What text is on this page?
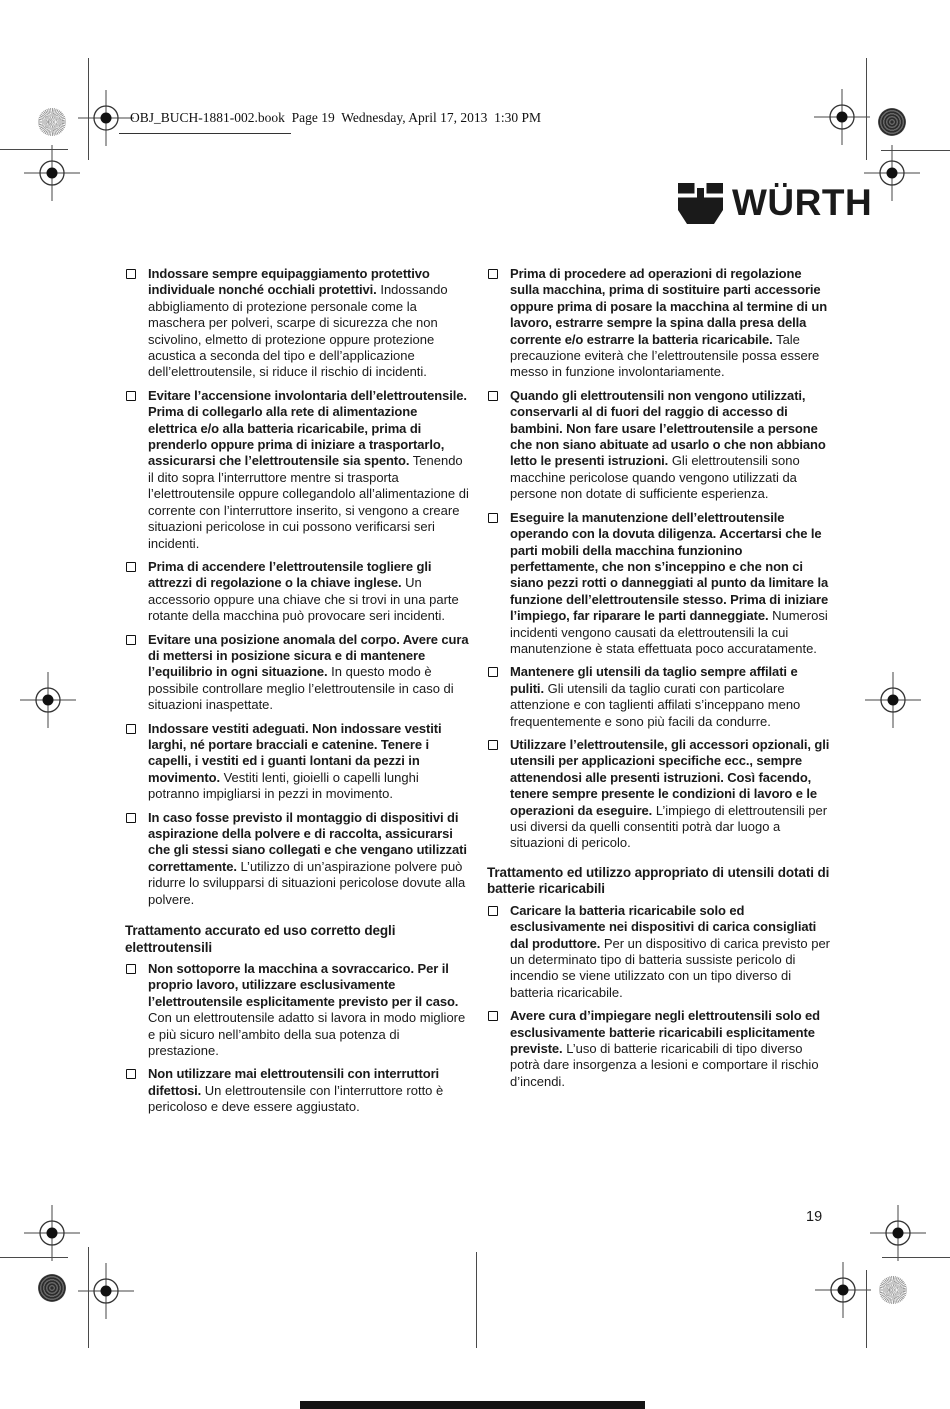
OBJ_BUCH-1881-002.book  Page 19  Wednesday, April 17, 2013  1:30 PM
WÜRTH

Indossare sempre equipaggiamento protettivo individuale nonché occhiali protettivi. Indossando abbigliamento di protezione personale come la maschera per polveri, scarpe di sicurezza che non scivolino, elmetto di protezione oppure protezione acustica a seconda del tipo e dell’applicazione dell’elettroutensile, si riduce il rischio di incidenti.

Evitare l’accensione involontaria dell’elettroutensile. Prima di collegarlo alla rete di alimentazione elettrica e/o alla batteria ricaricabile, prima di prenderlo oppure prima di iniziare a trasportarlo, assicurarsi che l’elettroutensile sia spento. Tenendo il dito sopra l’interruttore mentre si trasporta l’elettroutensile oppure collegandolo all’alimentazione di corrente con l’interruttore inserito, si vengono a creare situazioni pericolose in cui possono verificarsi seri incidenti.

Prima di accendere l’elettroutensile togliere gli attrezzi di regolazione o la chiave inglese. Un accessorio oppure una chiave che si trovi in una parte rotante della macchina può provocare seri incidenti.

Evitare una posizione anomala del corpo. Avere cura di mettersi in posizione sicura e di mantenere l’equilibrio in ogni situazione. In questo modo è possibile controllare meglio l’elettroutensile in caso di situazioni inaspettate.

Indossare vestiti adeguati. Non indossare vestiti larghi, né portare bracciali e catenine. Tenere i capelli, i vestiti ed i guanti lontani da pezzi in movimento. Vestiti lenti, gioielli o capelli lunghi potranno impigliarsi in pezzi in movimento.

In caso fosse previsto il montaggio di dispositivi di aspirazione della polvere e di raccolta, assicurarsi che gli stessi siano collegati e che vengano utilizzati correttamente. L’utilizzo di un’aspirazione polvere può ridurre lo svilupparsi di situazioni pericolose dovute alla polvere.

Trattamento accurato ed uso corretto degli elettroutensili

Non sottoporre la macchina a sovraccarico. Per il proprio lavoro, utilizzare esclusivamente l’elettroutensile esplicitamente previsto per il caso. Con un elettroutensile adatto si lavora in modo migliore e più sicuro nell’ambito della sua potenza di prestazione.

Non utilizzare mai elettroutensili con interruttori difettosi. Un elettroutensile con l’interruttore rotto è pericoloso e deve essere aggiustato.

Prima di procedere ad operazioni di regolazione sulla macchina, prima di sostituire parti accessorie oppure prima di posare la macchina al termine di un lavoro, estrarre sempre la spina dalla presa della corrente e/o estrarre la batteria ricaricabile. Tale precauzione eviterà che l’elettroutensile possa essere messo in funzione involontariamente.

Quando gli elettroutensili non vengono utilizzati, conservarli al di fuori del raggio di accesso di bambini. Non fare usare l’elettroutensile a persone che non siano abituate ad usarlo o che non abbiano letto le presenti istruzioni. Gli elettroutensili sono macchine pericolose quando vengono utilizzati da persone non dotate di sufficiente esperienza.

Eseguire la manutenzione dell’elettroutensile operando con la dovuta diligenza. Accertarsi che le parti mobili della macchina funzionino perfettamente, che non s’inceppino e che non ci siano pezzi rotti o danneggiati al punto da limitare la funzione dell’elettroutensile stesso. Prima di iniziare l’impiego, far riparare le parti danneggiate. Numerosi incidenti vengono causati da elettroutensili la cui manutenzione è stata effettuata poco accuratamente.

Mantenere gli utensili da taglio sempre affilati e puliti. Gli utensili da taglio curati con particolare attenzione e con taglienti affilati s’inceppano meno frequentemente e sono più facili da condurre.

Utilizzare l’elettroutensile, gli accessori opzionali, gli utensili per applicazioni specifiche ecc., sempre attenendosi alle presenti istruzioni. Così facendo, tenere sempre presente le condizioni di lavoro e le operazioni da eseguire. L’impiego di elettroutensili per usi diversi da quelli consentiti potrà dar luogo a situazioni di pericolo.

Trattamento ed utilizzo appropriato di utensili dotati di batterie ricaricabili

Caricare la batteria ricaricabile solo ed esclusivamente nei dispositivi di carica consigliati dal produttore. Per un dispositivo di carica previsto per un determinato tipo di batteria sussiste pericolo di incendio se viene utilizzato con un tipo diverso di batteria ricaricabile.

Avere cura d’impiegare negli elettroutensili solo ed esclusivamente batterie ricaricabili esplicitamente previste. L’uso di batterie ricaricabili di tipo diverso potrà dare insorgenza a lesioni e comportare il rischio d’incendi.

19
